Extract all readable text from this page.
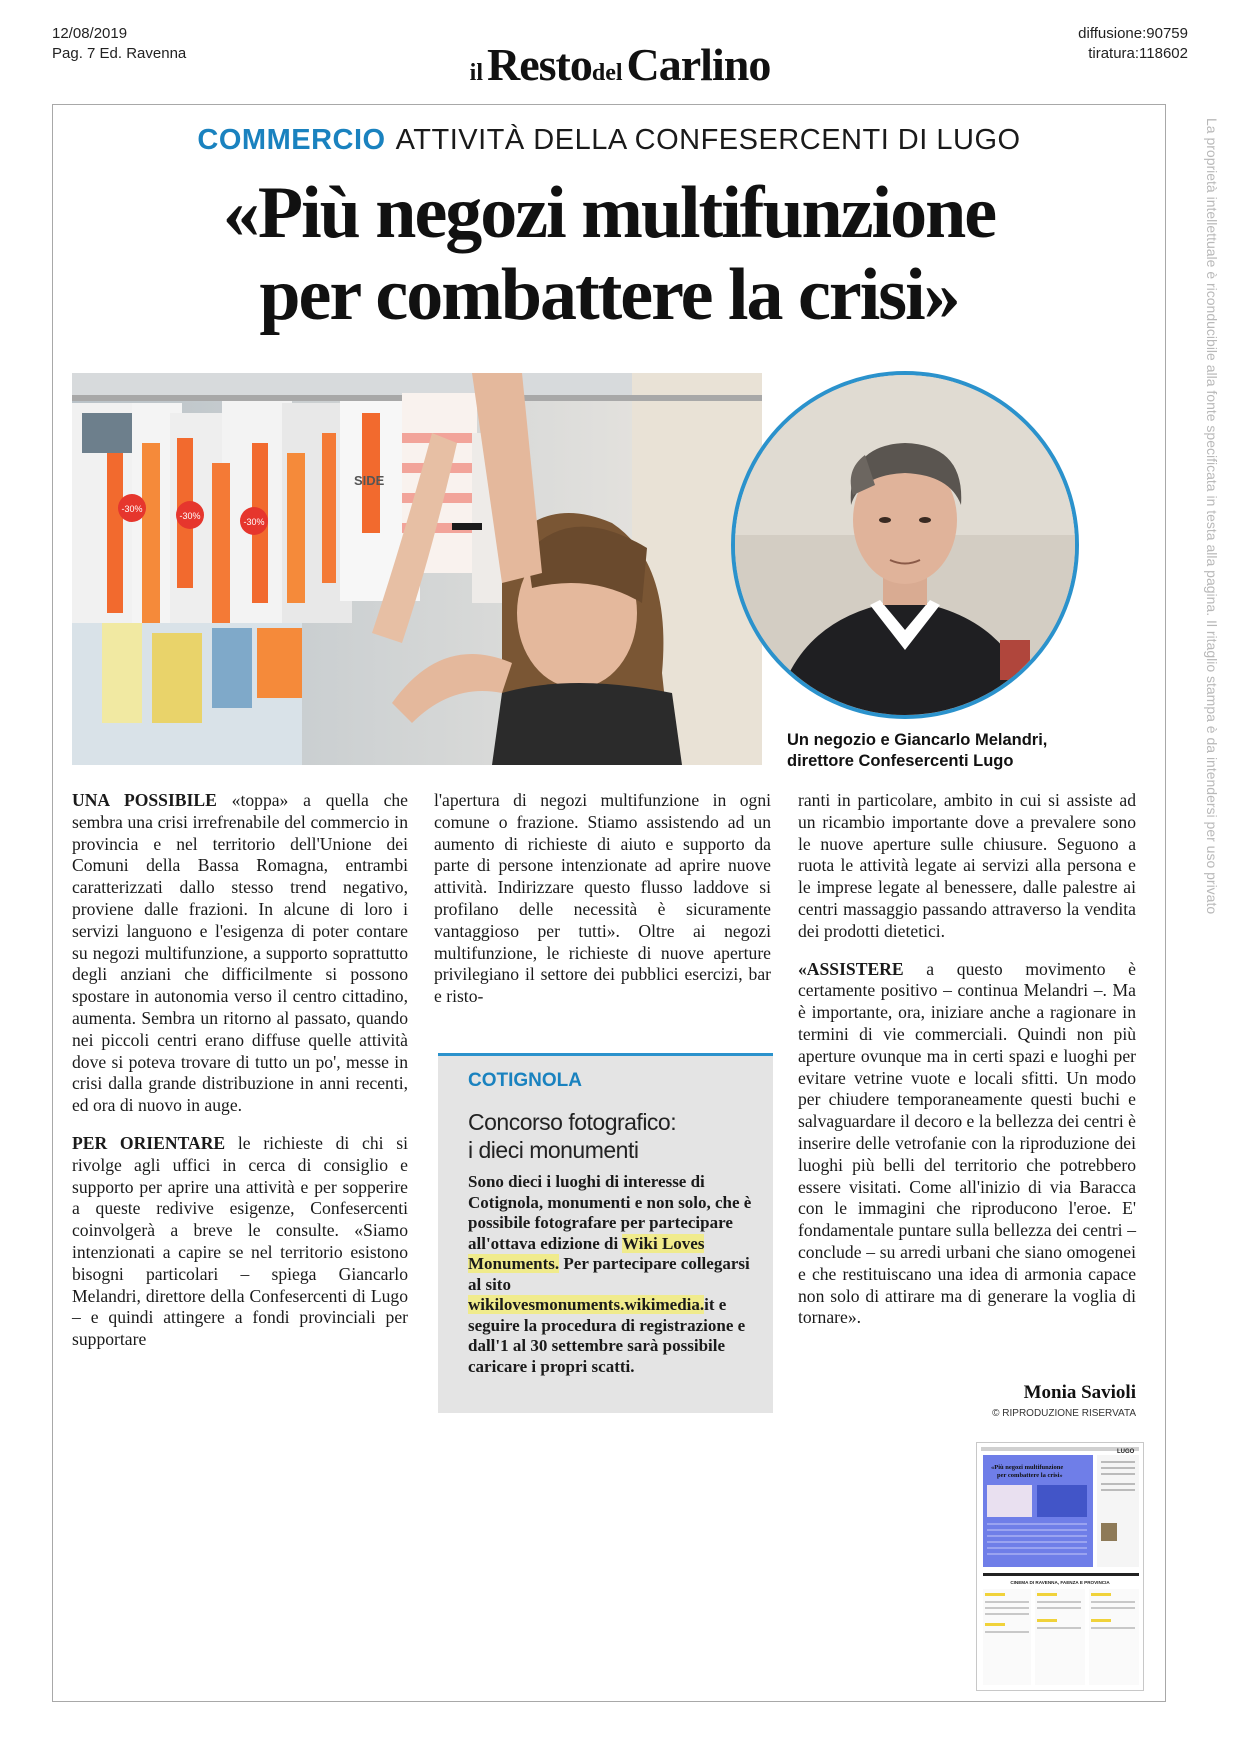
12/08/2019
Pag. 7 Ed. Ravenna
il Restodel Carlino
diffusione:90759
tiratura:118602
La proprietà intellettuale è riconducibile alla fonte specificata in testa alla pagina. Il ritaglio stampa è da intendersi per uso privato
COMMERCIO ATTIVITÀ DELLA CONFESERCENTI DI LUGO
«Più negozi multifunzione
per combattere la crisi»
-30%
-30%
-30%
SIDE
Un negozio e Giancarlo Melandri,
direttore Confesercenti Lugo

UNA POSSIBILE «toppa» a quella che sembra una crisi irrefrenabile del commercio in provincia e nel territorio dell'Unione dei Comuni della Bassa Romagna, entrambi caratterizzati dallo stesso trend negativo, proviene dalle frazioni. In alcune di loro i servizi languono e l'esigenza di poter contare su negozi multifunzione, a supporto soprattutto degli anziani che difficilmente si possono spostare in autonomia verso il centro cittadino, aumenta. Sembra un ritorno al passato, quando nei piccoli centri erano diffuse quelle attività dove si poteva trovare di tutto un po', messe in crisi dalla grande distribuzione in anni recenti, ed ora di nuovo in auge.

PER ORIENTARE le richieste di chi si rivolge agli uffici in cerca di consiglio e supporto per aprire una attività e per sopperire a queste redivive esigenze, Confesercenti coinvolgerà a breve le consulte. «Siamo intenzionati a capire se nel territorio esistono bisogni particolari – spiega Giancarlo Melandri, direttore della Confesercenti di Lugo – e quindi attingere a fondi provinciali per supportare

l'apertura di negozi multifunzione in ogni comune o frazione. Stiamo assistendo ad un aumento di richieste di aiuto e supporto da parte di persone intenzionate ad aprire nuove attività. Indirizzare questo flusso laddove si profilano delle necessità è sicuramente vantaggioso per tutti». Oltre ai negozi multifunzione, le richieste di nuove aperture privilegiano il settore dei pubblici esercizi, bar e risto-

ranti in particolare, ambito in cui si assiste ad un ricambio importante dove a prevalere sono le nuove aperture sulle chiusure. Seguono a ruota le attività legate ai servizi alla persona e le imprese legate al benessere, dalle palestre ai centri massaggio passando attraverso la vendita dei prodotti dietetici.

«ASSISTERE a questo movimento è certamente positivo – continua Melandri –. Ma è importante, ora, iniziare anche a ragionare in termini di vie commerciali. Quindi non più aperture ovunque ma in certi spazi e luoghi per evitare vetrine vuote e locali sfitti. Un modo per chiudere temporaneamente questi buchi e salvaguardare il decoro e la bellezza dei centri è inserire delle vetrofanie con la riproduzione dei luoghi più belli del territorio che potrebbero essere visitati. Come all'inizio di via Baracca con le immagini che riproducono l'eroe. E' fondamentale puntare sulla bellezza dei centri – conclude – su arredi urbani che siano omogenei e che restituiscano una idea di armonia capace non solo di attirare ma di generare la voglia di tornare».

COTIGNOLA
Concorso fotografico:
i dieci monumenti
Sono dieci i luoghi di interesse di Cotignola, monumenti e non solo, che è possibile fotografare per partecipare all'ottava edizione di Wiki Loves Monuments. Per partecipare collegarsi al sito wikilovesmonuments.wikimedia.it e seguire la procedura di registrazione e dall'1 al 30 settembre sarà possibile caricare i propri scatti.
Monia Savioli
© RIPRODUZIONE RISERVATA
LUGO
«Più negozi multifunzione
per combattere la crisi»
CINEMA DI RAVENNA, FAENZA E PROVINCIA
